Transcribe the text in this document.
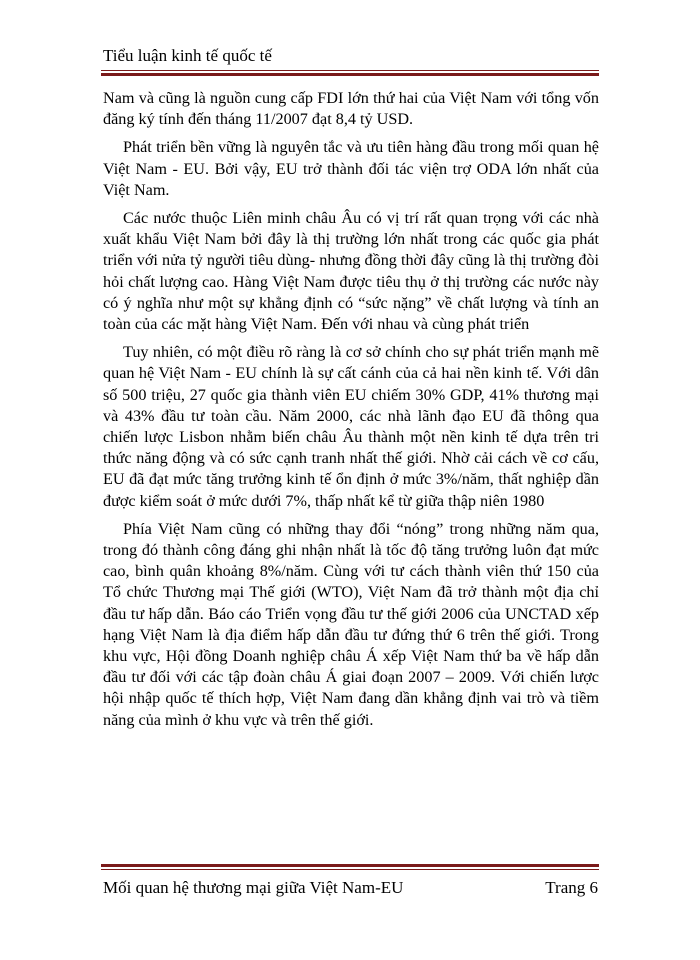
Tiểu luận kinh tế quốc tế

Nam và cũng là nguồn cung cấp FDI lớn thứ hai của Việt Nam với tổng vốn đăng ký tính đến tháng 11/2007 đạt 8,4 tỷ USD.

Phát triển bền vững là nguyên tắc và ưu tiên hàng đầu trong mối quan hệ Việt Nam - EU. Bởi vậy, EU trở thành đối tác viện trợ ODA lớn nhất của Việt Nam.

Các nước thuộc Liên minh châu Âu có vị trí rất quan trọng với các nhà xuất khẩu Việt Nam bởi đây là thị trường lớn nhất trong các quốc gia phát triển với nửa tỷ người tiêu dùng- nhưng đồng thời đây cũng là thị trường đòi hỏi chất lượng cao. Hàng Việt Nam được tiêu thụ ở thị trường các nước này có ý nghĩa như một sự khẳng định có “sức nặng” về chất lượng và tính an toàn của các mặt hàng Việt Nam. Đến với nhau và cùng phát triển

Tuy nhiên, có một điều rõ ràng là cơ sở chính cho sự phát triển mạnh mẽ quan hệ Việt Nam - EU chính là sự cất cánh của cả hai nền kinh tế. Với dân số 500 triệu, 27 quốc gia thành viên EU chiếm 30% GDP, 41% thương mại và 43% đầu tư toàn cầu. Năm 2000, các nhà lãnh đạo EU đã thông qua chiến lược Lisbon nhằm biến châu Âu thành một nền kinh tế dựa trên tri thức năng động và có sức cạnh tranh nhất thế giới. Nhờ cải cách về cơ cấu, EU đã đạt mức tăng trưởng kinh tế ổn định ở mức 3%/năm, thất nghiệp dần được kiểm soát ở mức dưới 7%, thấp nhất kể từ giữa thập niên 1980

Phía Việt Nam cũng có những thay đổi “nóng” trong những năm qua, trong đó thành công đáng ghi nhận nhất là tốc độ tăng trưởng luôn đạt mức cao, bình quân khoảng 8%/năm. Cùng với tư cách thành viên thứ 150 của Tổ chức Thương mại Thế giới (WTO), Việt Nam đã trở thành một địa chỉ đầu tư hấp dẫn. Báo cáo Triển vọng đầu tư thế giới 2006 của UNCTAD xếp hạng Việt Nam là địa điểm hấp dẫn đầu tư đứng thứ 6 trên thế giới. Trong khu vực, Hội đồng Doanh nghiệp châu Á xếp Việt Nam thứ ba về hấp dẫn đầu tư đối với các tập đoàn châu Á giai đoạn 2007 – 2009. Với chiến lược hội nhập quốc tế thích hợp, Việt Nam đang dần khẳng định vai trò và tiềm năng của mình ở khu vực và trên thế giới.

Mối quan hệ thương mại giữa Việt Nam-EU	Trang 6
